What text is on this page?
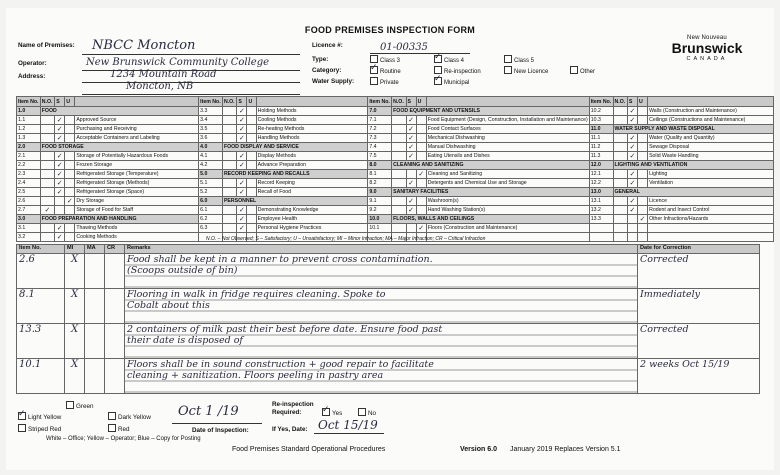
FOOD PREMISES INSPECTION FORM
Name of Premises: NBCC Moncton
Operator:	New Brunswick Community College
Address:	1234 Mountain Road
Moncton, NB
Licence #:	01-00335
Type:	Class 3	Class 4
✓	Class 5
Category:	Routine
✓	Re-inspection	New Licence	Other
Water Supply:	Private	Municipal
✓
New Nouveau
Brunswick
CANADA
Item No.	N.O.	S	U		Item No.	N.O.	S	U		Item No.	N.O.	S	U		Item No.	N.O.	S	U	
1.0	FOOD				3.3		✓		Holding Methods	7.0	FOOD EQUIPMENT AND UTENSILS				10.2		✓		Walls (Construction and Maintenance)
1.1		✓		Approved Source	3.4		✓		Cooling Methods	7.1		✓		Food Equipment (Design, Construction, Installation and Maintenance)	10.3		✓		Ceilings (Constructions and Maintenance)
1.2		✓		Purchasing and Receiving	3.5		✓		Re-heating Methods	7.2		✓		Food Contact Surfaces	11.0	WATER SUPPLY AND WASTE DISPOSAL			
1.3		✓		Acceptable Containers and Labeling	3.6		✓		Handling Methods	7.3		✓		Mechanical Dishwashing	11.1		✓		Water (Quality and Quantity)
2.0	FOOD STORAGE				4.0	FOOD DISPLAY AND SERVICE				7.4		✓		Manual Dishwashing	11.2		✓		Sewage Disposal
2.1		✓		Storage of Potentially Hazardous Foods	4.1		✓		Display Methods	7.5		✓		Eating Utensils and Dishes	11.3		✓		Solid Waste Handling
2.2		✓		Frozen Storage	4.2		✓		Advance Preparation	8.0	CLEANING AND SANITIZING				12.0	LIGHTING AND VENTILATION			
2.3		✓		Refrigerated Storage (Temperature)	5.0	RECORD KEEPING AND RECALLS				8.1			✓	Cleaning and Sanitizing	12.1		✓		Lighting
2.4		✓		Refrigerated Storage (Methods)	5.1		✓		Record Keeping	8.2		✓		Detergents and Chemical Use and Storage	12.2		✓		Ventilation
2.5		✓		Refrigerated Storage (Space)	5.2		✓		Recall of Food	9.0	SANITARY FACILITIES				13.0	GENERAL			
2.6			✓	Dry Storage	6.0	PERSONNEL				9.1		✓		Washroom(s)	13.1		✓		Licence
2.7	✓			Storage of Food for Staff	6.1		✓		Demonstrating Knowledge	9.2		✓		Hand Washing Station(s)	13.2		✓		Rodent and Insect Control
3.0	FOOD PREPARATION AND HANDLING				6.2		✓		Employee Health	10.0	FLOORS, WALLS AND CEILINGS				13.3			✓	Other Infractions/Hazards
3.1		✓		Thawing Methods	6.3		✓		Personal Hygiene Practices	10.1			✓	Floors (Construction and Maintenance)					
3.2		✓		Cooking Methods																N.O. – Not Observed; S – Satisfactory; U – Unsatisfactory; MI – Minor Infraction; MA – Major Infraction; CR – Critical Infraction
Item No.	MI	MA	CR	Remarks	Date for Correction
2.6	X			Food shall be kept in a manner to prevent cross contamination.
(Scoops outside of bin)	Corrected
8.1	X			Flooring in walk in fridge requires cleaning. Spoke to
Cobalt about this	Immediately
13.3	X			2 containers of milk past their best before date. Ensure food past
their date is disposed of	Corrected
10.1	X			Floors shall be in sound construction + good repair to facilitate
cleaning + sanitization. Floors peeling in pastry area	2 weeks Oct 15/19
Green
Light Yellow
✓	Dark Yellow
Striped Red	Red
Oct 1 /19
Date of Inspection:
Re-inspection Required:	Yes
✓	No
If Yes, Date: Oct 15/19
White – Office; Yellow – Operator; Blue – Copy for Posting
Food Premises Standard Operational Procedures	Version 6.0 January 2019 Replaces Version 5.1
